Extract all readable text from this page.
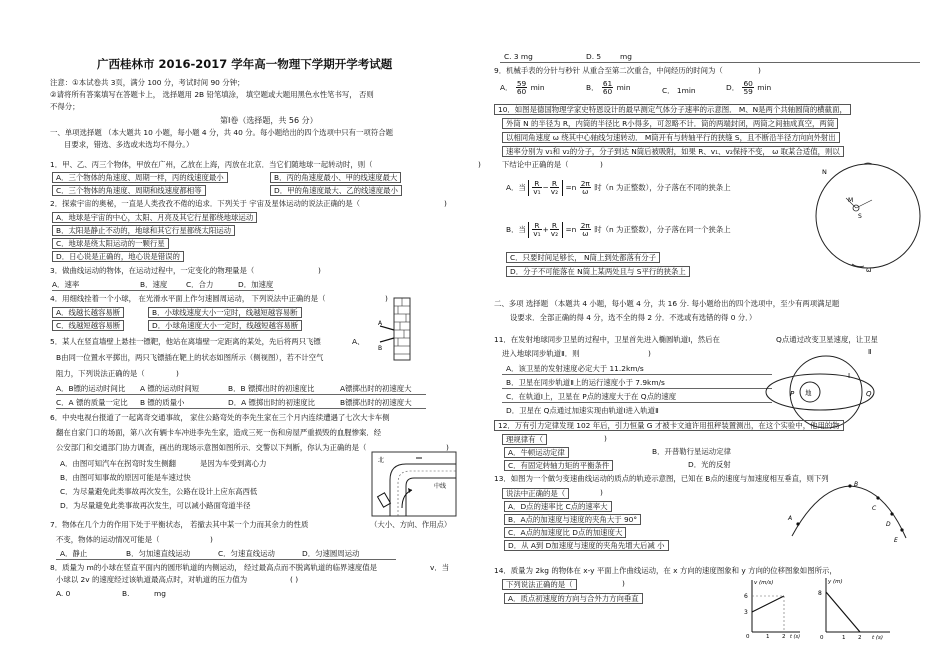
广西桂林市 2016-2017 学年高一物理下学期开学考试题
注意：①本试卷共 3页，满分 100 分，考试时间 90 分钟；
②请将所有答案填写在答题卡上， 选择题用 2B 铅笔填涂， 填空题或大题用黑色水性笔书写， 否则
不得分；
第Ⅰ卷（选择题，共 56 分）
一、单项选择题 （本大题共 10 小题，每小题 4 分，共 40 分。每小题给出的四个选项中只有一项符合题
目要求，错选、多选或未选均不得分。）
1．甲、乙、丙三个物体，甲放在广州，乙放在上海，丙放在北京．当它们随地球一起转动时，则（	)
A．三个物体的角速度、周期一样，丙的线速度最小	B．丙的角速度最小、甲的线速度最大
C．三个物体的角速度、周期和线速度都相等	D．甲的角速度最大、乙的线速度最小
2．探索宇宙的奥秘，一直是人类孜孜不倦的追求．下列关于 宇宙及星体运动的说法正确的是（	)
A．地球是宇宙的中心，太阳、月亮及其它行星都绕地球运动
B．太阳是静止不动的，地球和其它行星都绕太阳运动
C．地球是绕太阳运动的一颗行星
D．日心说是正确的，地心说是错误的
3．做曲线运动的物体，在运动过程中，一定变化的物理量是（	)
A．速率	B．速度	C．合力	D．加速度
4．用细线拴着一个小球， 在光滑水平面上作匀速圆周运动， 下列说法中正确的是（	)
A．线越长越容易断	B．小球线速度大小一定时，线越短越容易断
C．线越短越容易断	D．小球角速度大小一定时，线越短越容易断	A
B
5．某人在竖直墙壁上悬挂一镖靶，他站在离墙壁一定距离的某处，先后将两只飞镖	A、
B由同一位置水平掷出，两只飞镖插在靶上的状态如图所示（侧视图），若不计空气
阻力，下列说法正确的是（	)
A．B镖的运动时间比 A 镖的运动时间短	B．B 镖掷出时的初速度比	A镖掷出时的初速度大
C．A 镖的质量一定比 B 镖的质量小	D．A 镖掷出时的初速度比	B镖掷出时的初速度大
6．中央电视台报道了一起离奇交通事故， 家住公路弯处的李先生家在三个月内连续遭遇了七次大卡车侧
翻在自家门口的场面，第八次有辆卡车冲进李先生家，造成三死一伤和房屋严重损毁的血腥惨案．经
公安部门和交通部门协力调查，画出的现场示意图如图所示．交警以下判断，你认为正确的是（	)
A．由图可知汽车在拐弯时发生侧翻	是因为车受到离心力
B．由图可知事故的原因可能是车速过快
C．为尽量避免此类事故再次发生，公路在设计上应东高西低
D．为尽量避免此类事故再次发生，可以减小路面弯道半径
北
中线
7．物体在几个力的作用下处于平衡状态， 若撤去其中某一个力而其余力的性质	（大小、方向、作用点）
不变，物体的运动情况可能是（	)
A．静止	B．匀加速直线运动	C．匀速直线运动	D．匀速圆周运动
8．质量为 m的小球在竖直平面内的圆形轨道的内侧运动， 经过最高点而不脱离轨道的临界速度值是	v．当
小球以 2v 的速度经过该轨道最高点时，对轨道的压力值为	( )
A. 0	B.	mg
C. 3 mg	D. 5	mg
9．机械手表的分针与秒针 从重合至第二次重合，中间经历的时间为（	)
A． $\frac{59}{60}$ min	B． $\frac{61}{60}$ min	C． 1min	D． $\frac{60}{59}$ min
10．如图是德国物理学家史特恩设计的最早测定气体分子速率的示意图． M、N是两个共轴圆筒的横截面，
外筒 N 的半径为 R，内筒的半径比 R小得多，可忽略不计．筒的两端封闭，两筒之间抽成真空，两筒
以相同角速度 ω 绕其中心轴线匀速转动． M筒开有与转轴平行的狭缝 S，且不断沿半径方向向外射出
速率分别为 v₁和 v₂的分子，分子到达 N筒后被吸附，如果 R、v₁、v₂保持不变， ω 取某合适值，则以
下结论中正确的是（	)
A．当 $\frac{R}{\text{v₁}} - \frac{R}{\text{v₂}} =n \frac{2\pi}{\omega}$ 时（n 为正整数），分子落在不同的狭条上
B．当 $\frac{R}{\text{v₁}} + \frac{R}{\text{v₂}} =n \frac{2\pi}{\omega}$ 时（n 为正整数），分子落在同一个狭条上
C．只要时间足够长， N筒上到处都落有分子
D．分子不可能落在 N筒上某两处且与 S平行的狭条上
N
M
S
ω
二、多项 选择题 （本题共 4 小题，每小题 4 分，共 16 分. 每小题给出的四个选项中，至少有两项满足题
设要求．全部正确的得 4 分，选不全的得 2 分．不选或有选错的得 0 分．）
11．在发射地球同步卫星的过程中，卫星首先进入椭圆轨道Ⅰ，然后在	Q点通过改变卫星速度，让卫星
进入地球同步轨道Ⅱ．则	)
A．该卫星的发射速度必定大于 11.2km/s
B．卫星在同步轨道Ⅱ上的运行速度小于 7.9km/s
C．在轨道Ⅰ上，卫星在 P点的速度大于在 Q点的速度
D．卫星在 Q点通过加速实现由轨道Ⅰ进入轨道Ⅱ
P 地	Q
Ⅰ
Ⅱ
12．万有引力定律发现 102 年后，引力恒量 G 才被卡文迪许用扭秤装置测出，在这个实验中，他用的物
理规律有（	)
A．牛顿运动定律	B．开普勒行星运动定律
C．有固定转轴力矩的平衡条件	D．光的反射
13．如图为一个做匀变速曲线运动的质点的轨迹示意图，已知在 B点的速度与加速度相互垂直，则下列
说法中正确的是（	)
A．D点的速率比 C点的速率大
B．A点的加速度与速度的夹角大于 90°
C．A点的加速度比 D点的加速度大
D．从 A到 D加速度与速度的夹角先增大后减 小
A
B
C
D
E
14．质量为 2kg 的物体在 x-y 平面上作曲线运动，在 x 方向的速度图象和 y 方向的位移图象如图所示，
下列说法正确的是（	)
A．质点初速度的方向与合外力方向垂直
v (m/s)
6
3
0	1 2 t (s)
y (m)
8
0	1 2 t (s)
